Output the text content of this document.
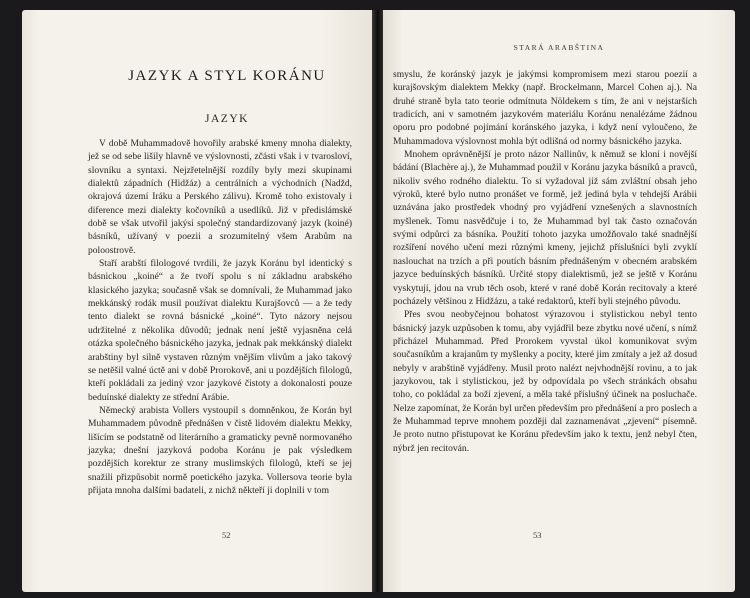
JAZYK A STYL KORÁNU
JAZYK

V době Muhammadově hovořily arabské kmeny mnoha dialekty, jež se od sebe lišily hlavně ve výslovnosti, zčásti však i v tvarosloví, slovníku a syntaxi. Nejzřetelnější rozdíly byly mezi skupinami dialektů západních (Hidžáz) a centrálních a východních (Nadžd, okrajová území Iráku a Perského zálivu). Kromě toho existovaly i diference mezi dialekty kočovníků a usedlíků. Již v předislámské době se však utvořil jakýsi společný standardizovaný jazyk (koiné) básníků, užívaný v poezii a srozumitelný všem Arabům na poloostrově.

Staří arabští filologové tvrdili, že jazyk Koránu byl identický s básnickou „koiné“ a že tvoří spolu s ní základnu arabského klasického jazyka; současně však se domnívali, že Muhammad jako mekkánský rodák musil používat dialektu Kurajšovců — a že tedy tento dialekt se rovná básnické „koiné“. Tyto názory nejsou udržitelné z několika důvodů; jednak není ještě vyjasněna celá otázka společného básnického jazyka, jednak pak mekkánský dialekt arabštiny byl silně vystaven různým vnějším vlivům a jako takový se netěšil valné úctě ani v době Prorokově, ani u pozdějších filologů, kteří pokládali za jediný vzor jazykové čistoty a dokonalosti pouze beduínské dialekty ze střední Arábie.

Německý arabista Vollers vystoupil s domněnkou, že Korán byl Muhammadem původně přednášen v čistě lidovém dialektu Mekky, lišícím se podstatně od literárního a gramaticky pevně normovaného jazyka; dnešní jazyková podoba Koránu je pak výsledkem pozdějších korektur ze strany muslimských filologů, kteří se jej snažili přizpůsobit normě poetického jazyka. Vollersova teorie byla přijata mnoha dalšími badateli, z nichž někteří ji doplnili v tom

52
STARÁ ARABŠTINA

smyslu, že koránský jazyk je jakýmsi kompromisem mezi starou poezií a kurajšovským dialektem Mekky (např. Brockelmann, Marcel Cohen aj.). Na druhé straně byla tato teorie odmítnuta Nöldekem s tím, že ani v nejstarších tradicích, ani v samotném jazykovém materiálu Koránu nenalézáme žádnou oporu pro podobné pojímání koránského jazyka, i když není vyloučeno, že Muhammadova výslovnost mohla být odlišná od normy básnického jazyka.

Mnohem oprávněnější je proto názor Nallinův, k němuž se kloní i novější bádání (Blachère aj.), že Muhammad použil v Koránu jazyka básníků a pravců, nikoliv svého rodného dialektu. To si vyžadoval již sám zvláštní obsah jeho výroků, které bylo nutno pronášet ve formě, jež jediná byla v tehdejší Arábii uznávána jako prostředek vhodný pro vyjádření vznešených a slavnostních myšlenek. Tomu nasvědčuje i to, že Muhammad byl tak často označován svými odpůrci za básníka. Použití tohoto jazyka umožňovalo také snadnější rozšíření nového učení mezi různými kmeny, jejichž příslušníci byli zvyklí naslouchat na trzích a při poutích básním přednášeným v obecném arabském jazyce beduínských básníků. Určité stopy dialektismů, jež se ještě v Koránu vyskytují, jdou na vrub těch osob, které v rané době Korán recitovaly a které pocházely většinou z Hidžázu, a také redaktorů, kteří byli stejného původu.

Přes svou neobyčejnou bohatost výrazovou i stylistickou nebyl tento básnický jazyk uzpůsoben k tomu, aby vyjádřil beze zbytku nové učení, s nímž přicházel Muhammad. Před Prorokem vyvstal úkol komunikovat svým současníkům a krajanům ty myšlenky a pocity, které jim zmítaly a jež až dosud nebyly v arabštině vyjádřeny. Musil proto nalézt nejvhodnější rovinu, a to jak jazykovou, tak i stylistickou, jež by odpovídala po všech stránkách obsahu toho, co pokládal za boží zjevení, a měla také příslušný účinek na posluchače. Nelze zapomínat, že Korán byl určen především pro přednášení a pro poslech a že Muhammad teprve mnohem později dal zaznamenávat „zjevení“ písemně. Je proto nutno přistupovat ke Koránu především jako k textu, jenž nebyl čten, nýbrž jen recitován.

53
